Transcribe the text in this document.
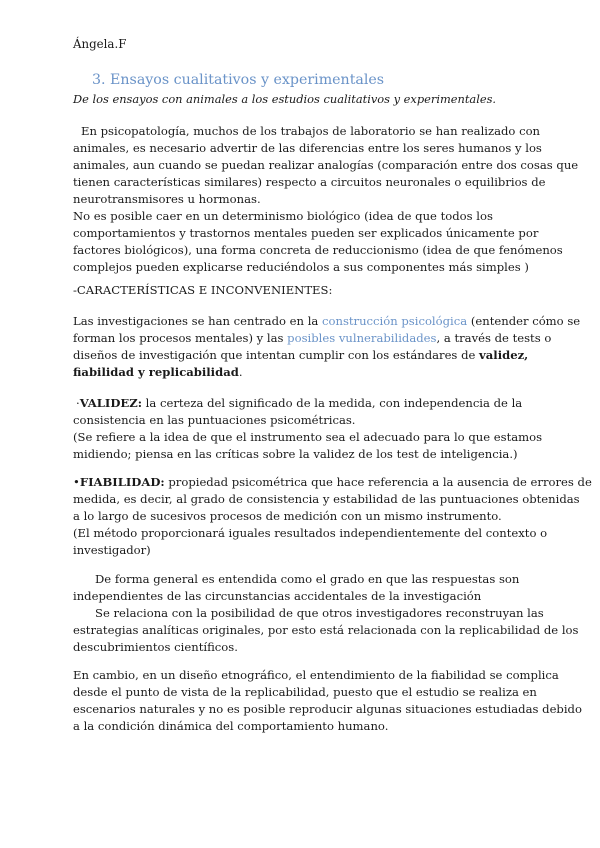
Ángela.F
3. Ensayos cualitativos y experimentales
De los ensayos con animales a los estudios cualitativos y experimentales.
En psicopatología, muchos de los trabajos de laboratorio se han realizado con
animales, es necesario advertir de las diferencias entre los seres humanos y los
animales, aun cuando se puedan realizar analogías (comparación entre dos cosas que
tienen características similares) respecto a circuitos neuronales o equilibrios de
neurotransmisores u hormonas.
No es posible caer en un determinismo biológico (idea de que todos los
comportamientos y trastornos mentales pueden ser explicados únicamente por
factores biológicos), una forma concreta de reduccionismo (idea de que fenómenos
complejos pueden explicarse reduciéndolos a sus componentes más simples )
-CARACTERÍSTICAS E INCONVENIENTES:
Las investigaciones se han centrado en la construcción psicológica (entender cómo se
forman los procesos mentales) y las posibles vulnerabilidades, a través de tests o
diseños de investigación que intentan cumplir con los estándares de validez,
fiabilidad y replicabilidad.
·VALIDEZ: la certeza del significado de la medida, con independencia de la
consistencia en las puntuaciones psicométricas.
(Se refiere a la idea de que el instrumento sea el adecuado para lo que estamos
midiendo; piensa en las críticas sobre la validez de los test de inteligencia.)
•FIABILIDAD: propiedad psicométrica que hace referencia a la ausencia de errores de
medida, es decir, al grado de consistencia y estabilidad de las puntuaciones obtenidas
a lo largo de sucesivos procesos de medición con un mismo instrumento.
(El método proporcionará iguales resultados independientemente del contexto o
investigador)
De forma general es entendida como el grado en que las respuestas son
independientes de las circunstancias accidentales de la investigación
Se relaciona con la posibilidad de que otros investigadores reconstruyan las
estrategias analíticas originales, por esto está relacionada con la replicabilidad de los
descubrimientos científicos.
En cambio, en un diseño etnográfico, el entendimiento de la fiabilidad se complica
desde el punto de vista de la replicabilidad, puesto que el estudio se realiza en
escenarios naturales y no es posible reproducir algunas situaciones estudiadas debido
a la condición dinámica del comportamiento humano.
